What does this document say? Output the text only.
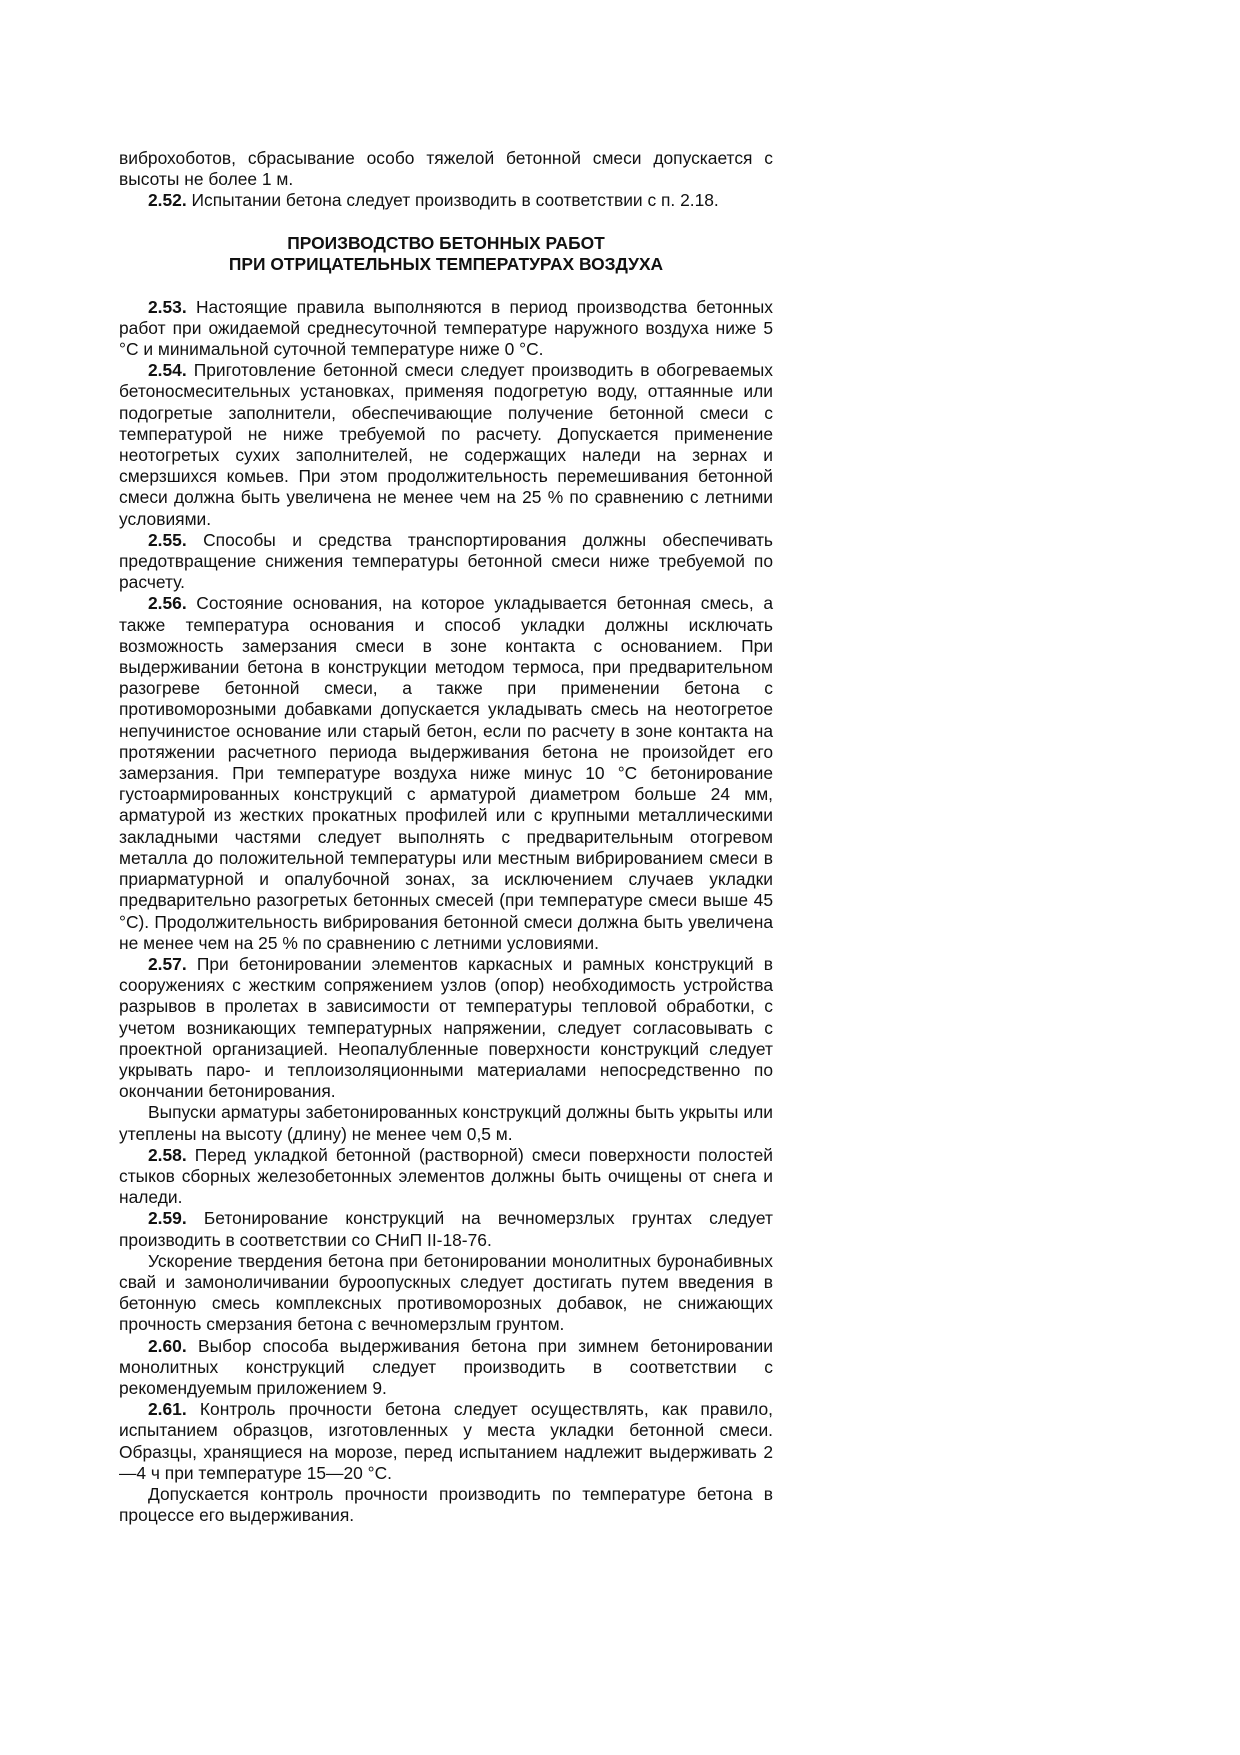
виброхоботов, сбрасывание особо тяжелой бетонной смеси допускается с высоты не более 1 м.

2.52. Испытании бетона следует производить в соответствии с п. 2.18.

ПРОИЗВОДСТВО БЕТОННЫХ РАБОТ
ПРИ ОТРИЦАТЕЛЬНЫХ ТЕМПЕРАТУРАХ ВОЗДУХА

2.53. Настоящие правила выполняются в период производства бетонных работ при ожидаемой среднесуточной температуре наружного воздуха ниже 5 °С и минимальной суточной температуре ниже 0 °С.

2.54. Приготовление бетонной смеси следует производить в обогреваемых бетоносмесительных установках, применяя подогретую воду, оттаянные или подогретые заполнители, обеспечивающие получение бетонной смеси с температурой не ниже требуемой по расчету. Допускается применение неотогретых сухих заполнителей, не содержащих наледи на зернах и смерзшихся комьев. При этом продолжительность перемешивания бетонной смеси должна быть увеличена не менее чем на 25 % по сравнению с летними условиями.

2.55. Способы и средства транспортирования должны обеспечивать предотвращение снижения температуры бетонной смеси ниже требуемой по расчету.

2.56. Состояние основания, на которое укладывается бетонная смесь, а также температура основания и способ укладки должны исключать возможность замерзания смеси в зоне контакта с основанием. При выдерживании бетона в конструкции методом термоса, при предварительном разогреве бетонной смеси, а также при применении бетона с противоморозными добавками допускается укладывать смесь на неотогретое непучинистое основание или старый бетон, если по расчету в зоне контакта на протяжении расчетного периода выдерживания бетона не произойдет его замерзания. При температуре воздуха ниже минус 10 °С бетонирование густоармированных конструкций с арматурой диаметром больше 24 мм, арматурой из жестких прокатных профилей или с крупными металлическими закладными частями следует выполнять с предварительным отогревом металла до положительной температуры или местным вибрированием смеси в приарматурной и опалубочной зонах, за исключением случаев укладки предварительно разогретых бетонных смесей (при температуре смеси выше 45 °С). Продолжительность вибрирования бетонной смеси должна быть увеличена не менее чем на 25 % по сравнению с летними условиями.

2.57. При бетонировании элементов каркасных и рамных конструкций в сооружениях с жестким сопряжением узлов (опор) необходимость устройства разрывов в пролетах в зависимости от температуры тепловой обработки, с учетом возникающих температурных напряжении, следует согласовывать с проектной организацией. Неопалубленные поверхности конструкций следует укрывать паро- и теплоизоляционными материалами непосредственно по окончании бетонирования.

Выпуски арматуры забетонированных конструкций должны быть укрыты или утеплены на высоту (длину) не менее чем 0,5 м.

2.58. Перед укладкой бетонной (растворной) смеси поверхности полостей стыков сборных железобетонных элементов должны быть очищены от снега и наледи.

2.59. Бетонирование конструкций на вечномерзлых грунтах следует производить в соответствии со СНиП II-18-76.

Ускорение твердения бетона при бетонировании монолитных буронабивных свай и замоноличивании буроопускных следует достигать путем введения в бетонную смесь комплексных противоморозных добавок, не снижающих прочность смерзания бетона с вечномерзлым грунтом.

2.60. Выбор способа выдерживания бетона при зимнем бетонировании монолитных конструкций следует производить в соответствии с рекомендуемым приложением 9.

2.61. Контроль прочности бетона следует осуществлять, как правило, испытанием образцов, изготовленных у места укладки бетонной смеси. Образцы, хранящиеся на морозе, перед испытанием надлежит выдерживать 2—4 ч при температуре 15—20 °С.

Допускается контроль прочности производить по температуре бетона в процессе его выдерживания.
